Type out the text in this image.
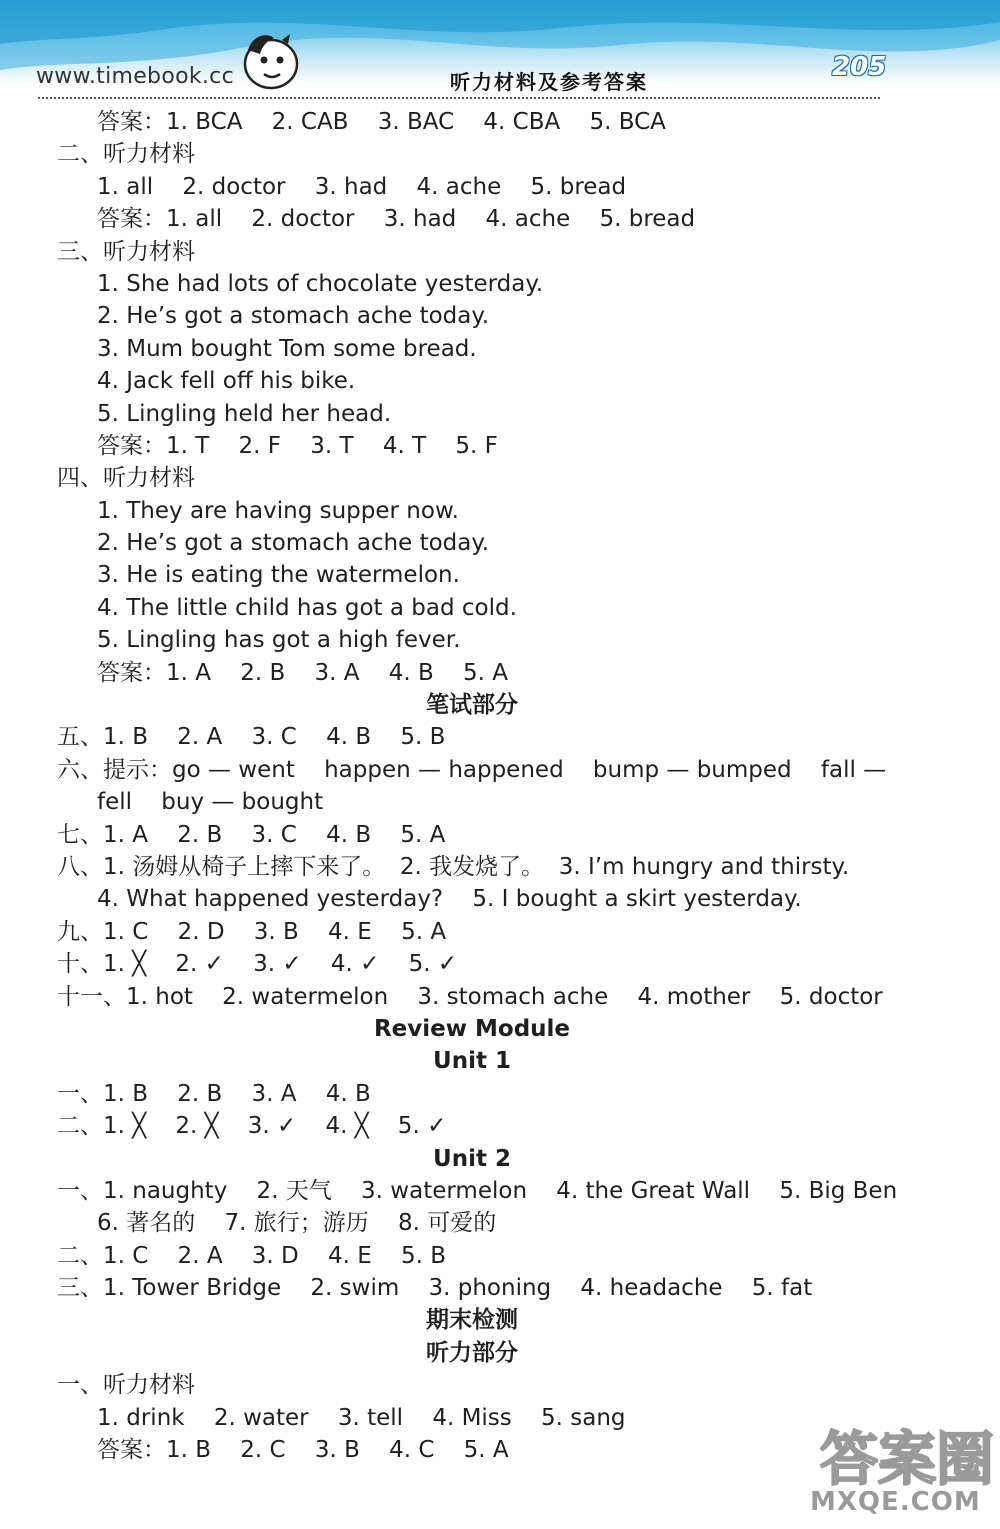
www.timebook.cc	听力材料及参考答案	205
答案：1. BCA    2. CAB    3. BAC    4. CBA    5. BCA
二、听力材料
1. all    2. doctor    3. had    4. ache    5. bread
答案：1. all    2. doctor    3. had    4. ache    5. bread
三、听力材料
1. She had lots of chocolate yesterday.
2. He’s got a stomach ache today.
3. Mum bought Tom some bread.
4. Jack fell off his bike.
5. Lingling held her head.
答案：1. T    2. F    3. T    4. T    5. F
四、听力材料
1. They are having supper now.
2. He’s got a stomach ache today.
3. He is eating the watermelon.
4. The little child has got a bad cold.
5. Lingling has got a high fever.
答案：1. A    2. B    3. A    4. B    5. A
笔试部分
五、1. B    2. A    3. C    4. B    5. B
六、提示：go — went    happen — happened    bump — bumped    fall —
fell    buy — bought
七、1. A    2. B    3. C    4. B    5. A
八、1. 汤姆从椅子上摔下来了。  2. 我发烧了。  3. I’m hungry and thirsty.
4. What happened yesterday?    5. I bought a skirt yesterday.
九、1. C    2. D    3. B    4. E    5. A
十、1. ╳    2. ✓    3. ✓    4. ✓    5. ✓
十一、1. hot    2. watermelon    3. stomach ache    4. mother    5. doctor
Review Module
Unit 1
一、1. B    2. B    3. A    4. B
二、1. ╳    2. ╳    3. ✓    4. ╳    5. ✓
Unit 2
一、1. naughty    2. 天气    3. watermelon    4. the Great Wall    5. Big Ben
6. 著名的    7. 旅行；游历    8. 可爱的
二、1. C    2. A    3. D    4. E    5. B
三、1. Tower Bridge    2. swim    3. phoning    4. headache    5. fat
期末检测
听力部分
一、听力材料
1. drink    2. water    3. tell    4. Miss    5. sang
答案：1. B    2. C    3. B    4. C    5. A	答案圈
MXQE.COM
